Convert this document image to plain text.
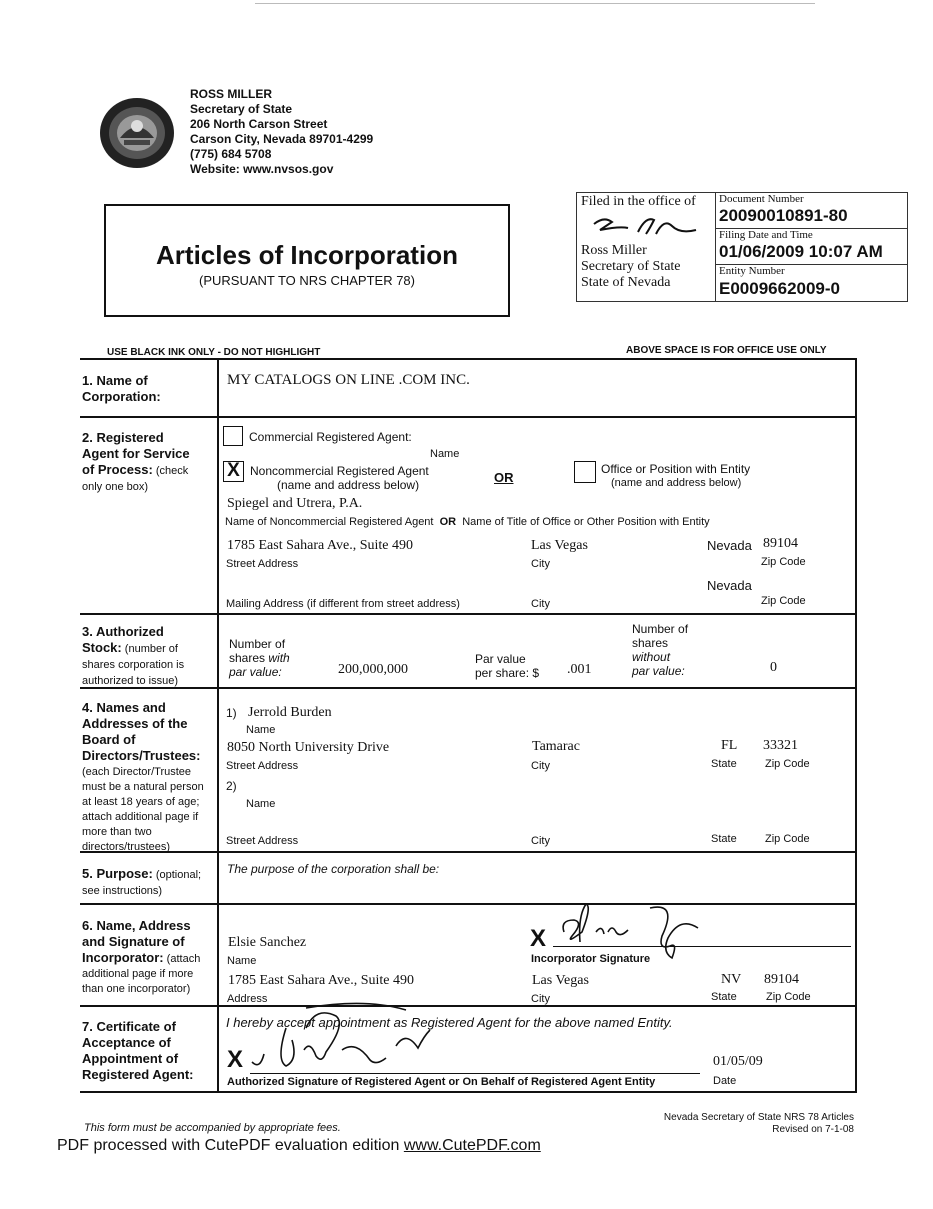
ROSS MILLER
Secretary of State
206 North Carson Street
Carson City, Nevada 89701-4299
(775) 684 5708
Website: www.nvsos.gov
Articles of Incorporation
(PURSUANT TO NRS CHAPTER 78)
Filed in the office of
Ross Miller
Secretary of State
State of Nevada
Document Number
20090010891-80
Filing Date and Time
01/06/2009 10:07 AM
Entity Number
E0009662009-0
USE BLACK INK ONLY - DO NOT HIGHLIGHT	ABOVE SPACE IS FOR OFFICE USE ONLY
1. Name of
Corporation:
MY CATALOGS ON LINE .COM INC.
2. Registered
Agent for Service
of Process: (check
only one box)
Commercial Registered Agent:
Name
X Noncommercial Registered Agent
(name and address below)	OR
Office or Position with Entity
(name and address below)
Spiegel and Utrera, P.A.
Name of Noncommercial Registered Agent OR Name of Title of Office or Other Position with Entity
1785 East Sahara Ave., Suite 490	Las Vegas	Nevada 89104
Street Address	City	Zip Code
Nevada
Mailing Address (if different from street address)	City	Zip Code
3. Authorized
Stock: (number of
shares corporation is
authorized to issue)
Number of
shares with
par value:	200,000,000
Par value
per share: $ .001
Number of
shares
without
par value:	0
4. Names and
Addresses of the
Board of
Directors/Trustees:
(each Director/Trustee
must be a natural person
at least 18 years of age;
attach additional page if
more than two
directors/trustees)
1) Jerrold Burden
Name
8050 North University Drive	Tamarac	FL 33321
Street Address	City	State	Zip Code
2)
Name
Street Address	City	State	Zip Code
5. Purpose: (optional;
see instructions)
The purpose of the corporation shall be:
6. Name, Address
and Signature of
Incorporator: (attach
additional page if more
than one incorporator)
Elsie Sanchez
Name
X
Incorporator Signature
1785 East Sahara Ave., Suite 490	Las Vegas	NV 89104
Address	City	State	Zip Code
7. Certificate of
Acceptance of
Appointment of
Registered Agent:
I hereby accept appointment as Registered Agent for the above named Entity.
X	01/05/09
Authorized Signature of Registered Agent or On Behalf of Registered Agent Entity	Date
This form must be accompanied by appropriate fees.
Nevada Secretary of State NRS 78 Articles
Revised on 7-1-08
PDF processed with CutePDF evaluation edition www.CutePDF.com
